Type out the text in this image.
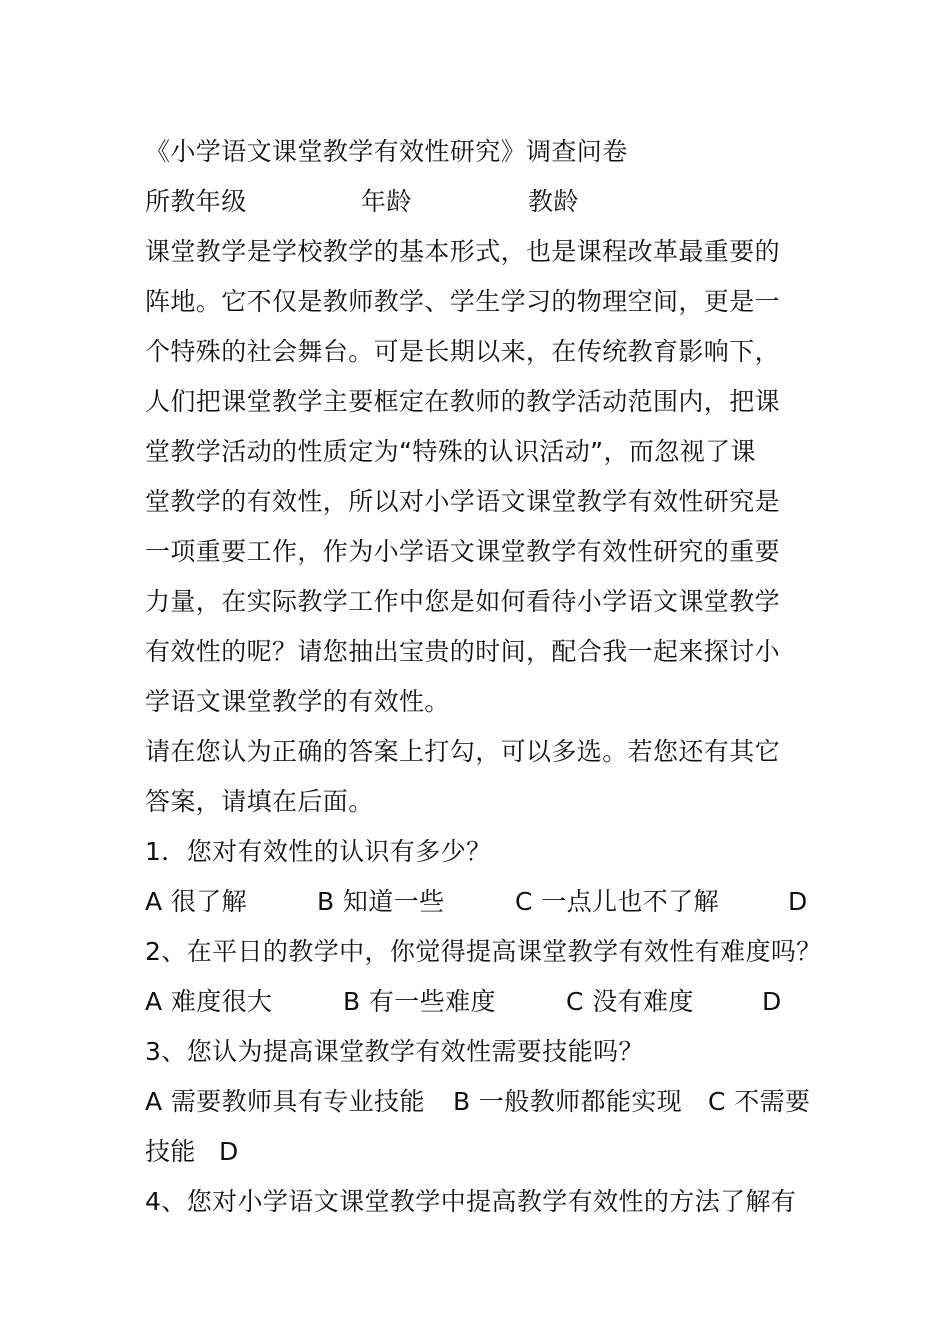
《小学语文课堂教学有效性研究》调查问卷
所教年级	年龄	教龄
课堂教学是学校教学的基本形式，也是课程改革最重要的
阵地。它不仅是教师教学、学生学习的物理空间，更是一
个特殊的社会舞台。可是长期以来，在传统教育影响下，
人们把课堂教学主要框定在教师的教学活动范围内，把课
堂教学活动的性质定为“特殊的认识活动”，而忽视了课
堂教学的有效性，所以对小学语文课堂教学有效性研究是
一项重要工作，作为小学语文课堂教学有效性研究的重要
力量，在实际教学工作中您是如何看待小学语文课堂教学
有效性的呢？请您抽出宝贵的时间，配合我一起来探讨小
学语文课堂教学的有效性。
请在您认为正确的答案上打勾，可以多选。若您还有其它
答案，请填在后面。
1．您对有效性的认识有多少？
A 很了解	B 知道一些	C 一点儿也不了解	D
2、在平日的教学中，你觉得提高课堂教学有效性有难度吗？
A 难度很大	B 有一些难度	C 没有难度	D
3、您认为提高课堂教学有效性需要技能吗？
A 需要教师具有专业技能 B 一般教师都能实现 C 不需要
技能 D
4、您对小学语文课堂教学中提高教学有效性的方法了解有
